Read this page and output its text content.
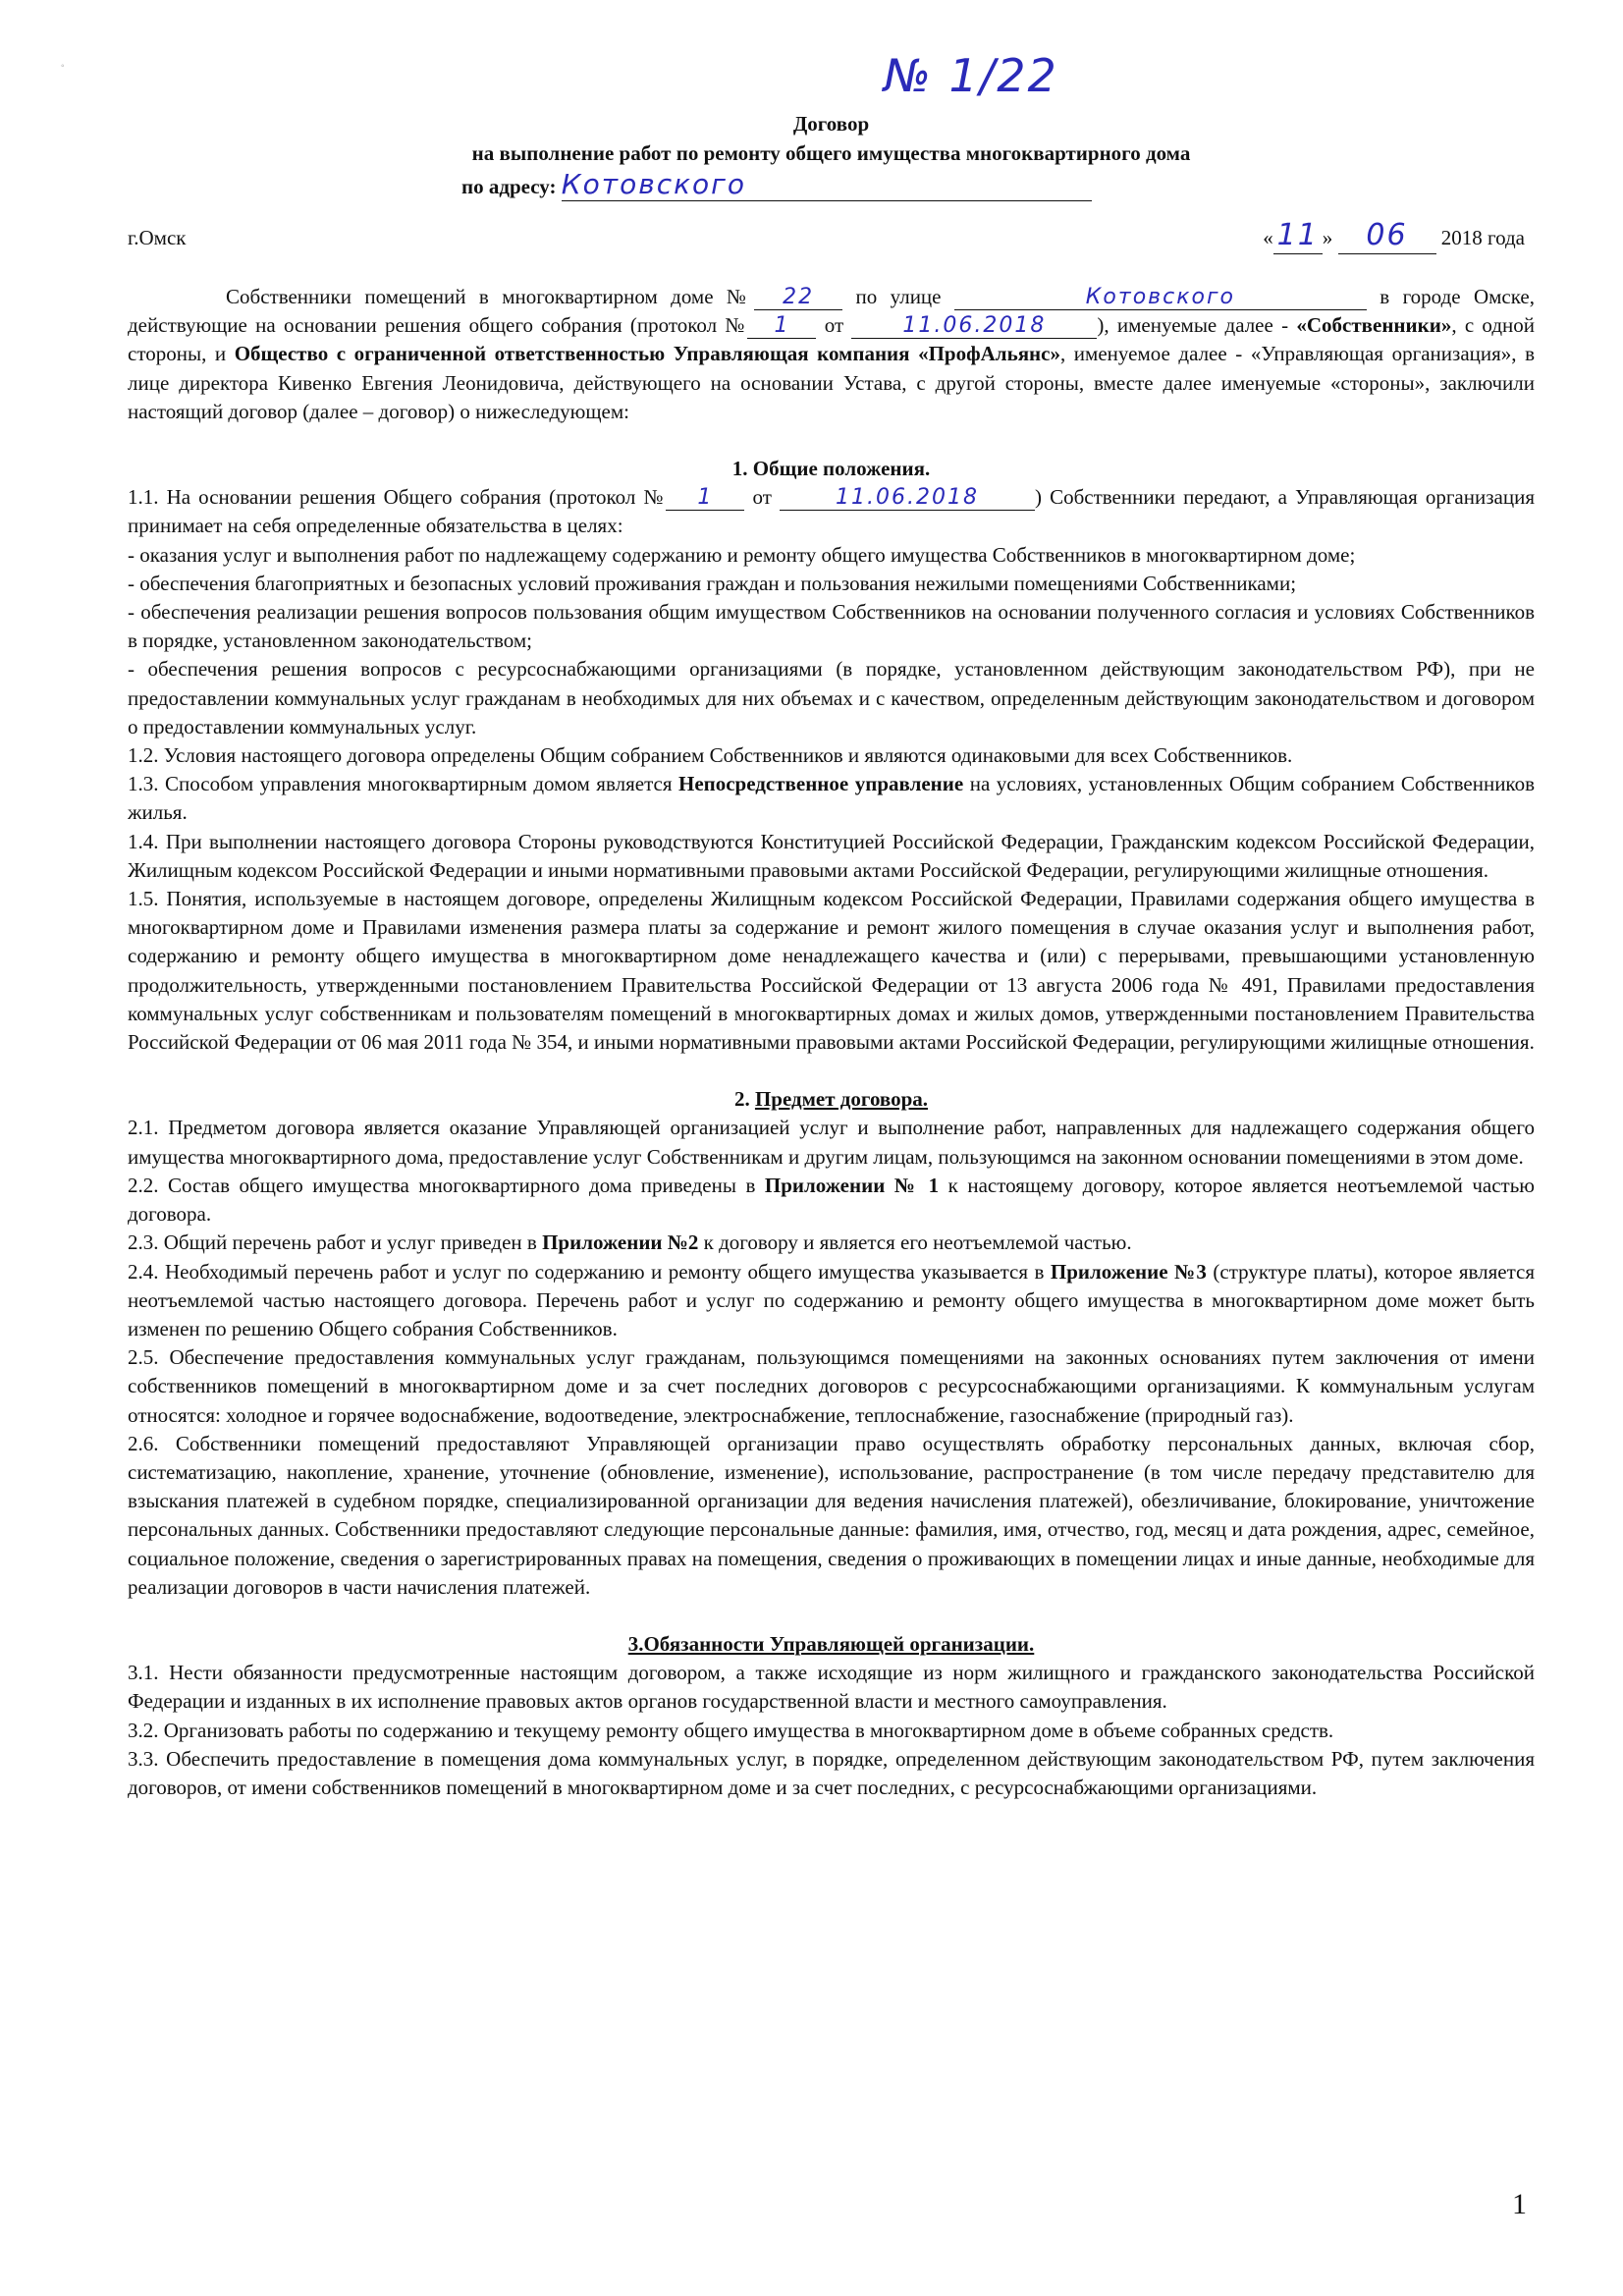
◦	№ 1/22
Договор
на выполнение работ по ремонту общего имущества многоквартирного дома
по адресу: Котовского
г.Омск	« 11 » 06 2018 года

Собственники помещений в многоквартирном доме № 22 по улице	Котовского	в городе Омске, действующие на основании решения общего собрания (протокол № 1 от 11.06.2018 ), именуемые далее - «Собственники», с одной стороны, и Общество с ограниченной ответственностью Управляющая компания «ПрофАльянс», именуемое далее - «Управляющая организация», в лице директора Кивенко Евгения Леонидовича, действующего на основании Устава, с другой стороны, вместе далее именуемые «стороны», заключили настоящий договор (далее – договор) о нижеследующем:

1. Общие положения.

1.1. На основании решения Общего собрания (протокол № 1 от	11.06.2018	) Собственники передают, а Управляющая организация принимает на себя определенные обязательства в целях:

- оказания услуг и выполнения работ по надлежащему содержанию и ремонту общего имущества Собственников в многоквартирном доме;

- обеспечения благоприятных и безопасных условий проживания граждан и пользования нежилыми помещениями Собственниками;

- обеспечения реализации решения вопросов пользования общим имуществом Собственников на основании полученного согласия и условиях Собственников в порядке, установленном законодательством;

- обеспечения решения вопросов с ресурсоснабжающими организациями (в порядке, установленном действующим законодательством РФ), при не предоставлении коммунальных услуг гражданам в необходимых для них объемах и с качеством, определенным действующим законодательством и договором о предоставлении коммунальных услуг.

1.2. Условия настоящего договора определены Общим собранием Собственников и являются одинаковыми для всех Собственников.

1.3. Способом управления многоквартирным домом является Непосредственное управление на условиях, установленных Общим собранием Собственников жилья.

1.4. При выполнении настоящего договора Стороны руководствуются Конституцией Российской Федерации, Гражданским кодексом Российской Федерации, Жилищным кодексом Российской Федерации и иными нормативными правовыми актами Российской Федерации, регулирующими жилищные отношения.

1.5. Понятия, используемые в настоящем договоре, определены Жилищным кодексом Российской Федерации, Правилами содержания общего имущества в многоквартирном доме и Правилами изменения размера платы за содержание и ремонт жилого помещения в случае оказания услуг и выполнения работ, содержанию и ремонту общего имущества в многоквартирном доме ненадлежащего качества и (или) с перерывами, превышающими установленную продолжительность, утвержденными постановлением Правительства Российской Федерации от 13 августа 2006 года № 491, Правилами предоставления коммунальных услуг собственникам и пользователям помещений в многоквартирных домах и жилых домов, утвержденными постановлением Правительства Российской Федерации от 06 мая 2011 года № 354, и иными нормативными правовыми актами Российской Федерации, регулирующими жилищные отношения.

2. Предмет договора.

2.1. Предметом договора является оказание Управляющей организацией услуг и выполнение работ, направленных для надлежащего содержания общего имущества многоквартирного дома, предоставление услуг Собственникам и другим лицам, пользующимся на законном основании помещениями в этом доме.

2.2. Состав общего имущества многоквартирного дома приведены в Приложении № 1 к настоящему договору, которое является неотъемлемой частью договора.

2.3. Общий перечень работ и услуг приведен в Приложении №2 к договору и является его неотъемлемой частью.

2.4. Необходимый перечень работ и услуг по содержанию и ремонту общего имущества указывается в Приложение №3 (структуре платы), которое является неотъемлемой частью настоящего договора. Перечень работ и услуг по содержанию и ремонту общего имущества в многоквартирном доме может быть изменен по решению Общего собрания Собственников.

2.5. Обеспечение предоставления коммунальных услуг гражданам, пользующимся помещениями на законных основаниях путем заключения от имени собственников помещений в многоквартирном доме и за счет последних договоров с ресурсоснабжающими организациями. К коммунальным услугам относятся: холодное и горячее водоснабжение, водоотведение, электроснабжение, теплоснабжение, газоснабжение (природный газ).

2.6. Собственники помещений предоставляют Управляющей организации право осуществлять обработку персональных данных, включая сбор, систематизацию, накопление, хранение, уточнение (обновление, изменение), использование, распространение (в том числе передачу представителю для взыскания платежей в судебном порядке, специализированной организации для ведения начисления платежей), обезличивание, блокирование, уничтожение персональных данных. Собственники предоставляют следующие персональные данные: фамилия, имя, отчество, год, месяц и дата рождения, адрес, семейное, социальное положение, сведения о зарегистрированных правах на помещения, сведения о проживающих в помещении лицах и иные данные, необходимые для реализации договоров в части начисления платежей.

3.Обязанности Управляющей организации.

3.1. Нести обязанности предусмотренные настоящим договором, а также исходящие из норм жилищного и гражданского законодательства Российской Федерации и изданных в их исполнение правовых актов органов государственной власти и местного самоуправления.

3.2. Организовать работы по содержанию и текущему ремонту общего имущества в многоквартирном доме в объеме собранных средств.

3.3. Обеспечить предоставление в помещения дома коммунальных услуг, в порядке, определенном действующим законодательством РФ, путем заключения договоров, от имени собственников помещений в многоквартирном доме и за счет последних, с ресурсоснабжающими организациями.

1
